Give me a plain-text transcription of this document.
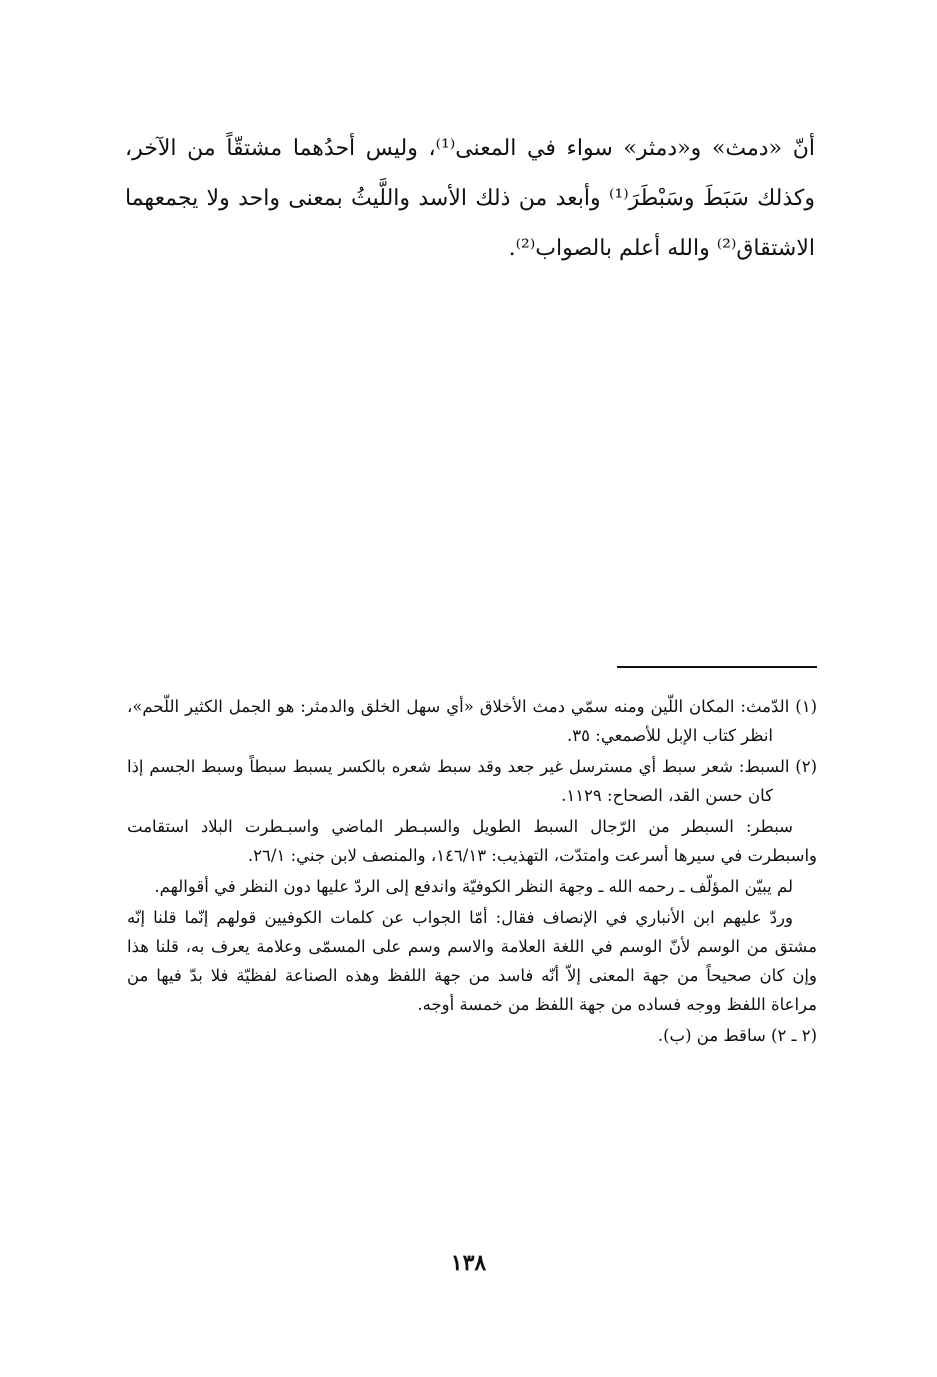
أنّ «دمث» و«دمثر» سواء في المعنى⁽¹⁾، وليس أحدُهما مشتقّاً من الآخر، وكذلك سَبَطَ وسَبْطَرَ⁽¹⁾ وأبعد من ذلك الأسد واللَّيثُ بمعنى واحد ولا يجمعهما الاشتقاق⁽²⁾ والله أعلم بالصواب⁽²⁾.

(١) الدّمث: المكان اللّين ومنه سمّي دمث الأخلاق «أي سهل الخلق والدمثر: هو الجمل الكثير اللّحم»، انظر كتاب الإبل للأصمعي: ٣٥.

(٢) السبط: شعر سبط أي مسترسل غير جعد وقد سبط شعره بالكسر يسبط سبطاً وسبط الجسم إذا كان حسن القد، الصحاح: ١١٢٩.

سبطر: السبطر من الرّجال السبط الطويل والسبـطر الماضي واسبـطرت البلاد استقامت واسبطرت في سيرها أسرعت وامتدّت، التهذيب: ١٤٦/١٣، والمنصف لابن جني: ٢٦/١.

لم يبيّن المؤلّف ـ رحمه الله ـ وجهة النظر الكوفيّة واندفع إلى الردّ عليها دون النظر في أقوالهم.

وردّ عليهم ابن الأنباري في الإنصاف فقال: أمّا الجواب عن كلمات الكوفيين قولهم إنّما قلنا إنّه مشتق من الوسم لأنّ الوسم في اللغة العلامة والاسم وسم على المسمّى وعلامة يعرف به، قلنا هذا وإن كان صحيحاً من جهة المعنى إلاّ أنّه فاسد من جهة اللفظ وهذه الصناعة لفظيّة فلا بدّ فيها من مراعاة اللفظ ووجه فساده من جهة اللفظ من خمسة أوجه.

(٢ ـ ٢) ساقط من (ب).

١٣٨
